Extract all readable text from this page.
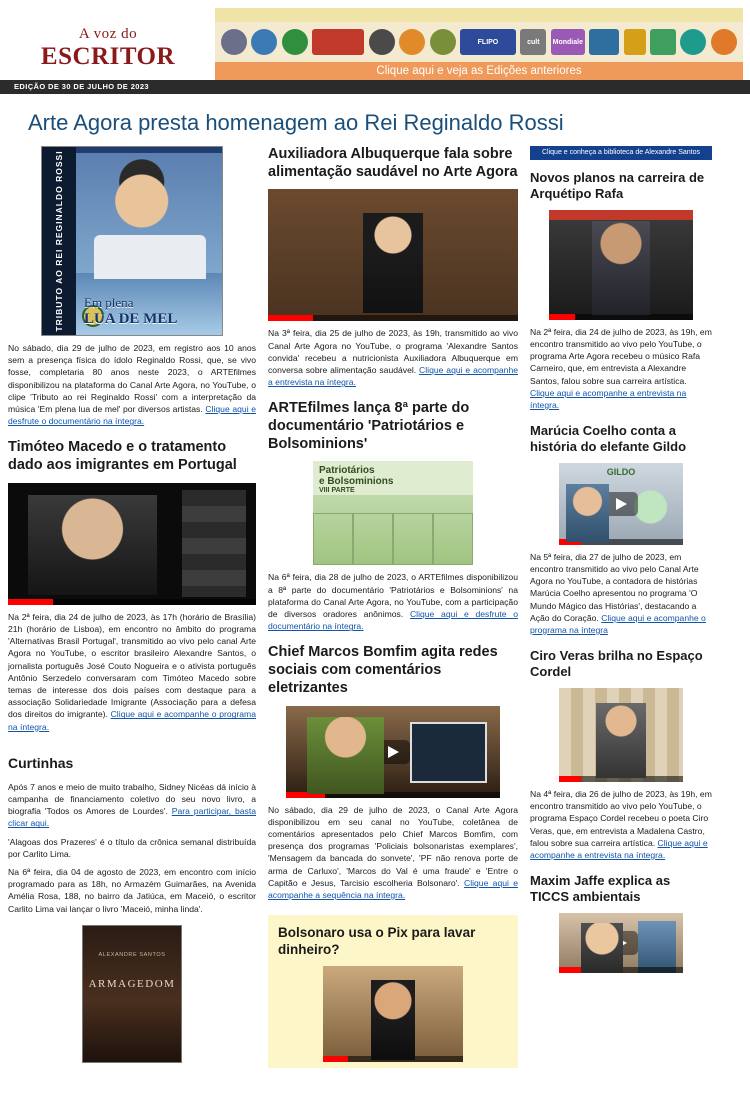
A voz do
ESCRITOR
FLIPO	cult	Mondiale
Clique aqui e veja as Edições anteriores
EDIÇÃO DE 30 DE JULHO DE 2023
Arte Agora presta homenagem ao Rei Reginaldo Rossi
TRIBUTO AO REI REGINALDO ROSSI Em plena
LUA DE MEL

No sábado, dia 29 de julho de 2023, em registro aos 10 anos sem a presença física do ídolo Reginaldo Rossi, que, se vivo fosse, completaria 80 anos neste 2023, o ARTEfilmes disponibilizou na plataforma do Canal Arte Agora, no YouTube, o clipe 'Tributo ao rei Reginaldo Rossi' com a interpretação da música 'Em plena lua de mel' por diversos artistas. Clique aqui e desfrute o documentário na íntegra.

Timóteo Macedo e o tratamento dado aos imigrantes em Portugal

Na 2ª feira, dia 24 de julho de 2023, às 17h (horário de Brasília) 21h (horário de Lisboa), em encontro no âmbito do programa 'Alternativas Brasil Portugal', transmitido ao vivo pelo canal Arte Agora no YouTube, o escritor brasileiro Alexandre Santos, o jornalista português José Couto Nogueira e o ativista português Antônio Serzedelo conversaram com Timóteo Macedo sobre temas de interesse dos dois países com destaque para a associação Solidariedade Imigrante (Associação para a defesa dos direitos do imigrante). Clique aqui e acompanhe o programa na íntegra.

Curtinhas

Após 7 anos e meio de muito trabalho, Sidney Nicéas dá início à campanha de financiamento coletivo do seu novo livro, a biografia 'Todos os Amores de Lourdes'. Para participar, basta clicar aqui.

'Alagoas dos Prazeres' é o título da crônica semanal distribuída por Carlito Lima.

Na 6ª feira, dia 04 de agosto de 2023, em encontro com início programado para as 18h, no Armazém Guimarães, na Avenida Amélia Rosa, 188, no bairro da Jatiúca, em Maceió, o escritor Carlito Lima vai lançar o livro 'Maceió, minha linda'.

ALEXANDRE SANTOS
ARMAGEDOM
Auxiliadora Albuquerque fala sobre alimentação saudável no Arte Agora

Na 3ª feira, dia 25 de julho de 2023, às 19h, transmitido ao vivo Canal Arte Agora no YouTube, o programa 'Alexandre Santos convida' recebeu a nutricionista Auxiliadora Albuquerque em conversa sobre alimentação saudável. Clique aqui e acompanhe a entrevista na íntegra.

ARTEfilmes lança 8ª parte do documentário 'Patriotários e Bolsominions'
Patriotários
e Bolsominions
VIII PARTE

Na 6ª feira, dia 28 de julho de 2023, o ARTEfilmes disponibilizou a 8ª parte do documentário 'Patriotários e Bolsominions' na plataforma do Canal Arte Agora, no YouTube, com a participação de diversos oradores anônimos. Clique aqui e desfrute o documentário na íntegra.

Chief Marcos Bomfim agita redes sociais com comentários eletrizantes

No sábado, dia 29 de julho de 2023, o Canal Arte Agora disponibilizou em seu canal no YouTube, coletânea de comentários apresentados pelo Chief Marcos Bomfim, com presença dos programas 'Policiais bolsonaristas exemplares', 'Mensagem da bancada do sonvete', 'PF não renova porte de arma de Carluxo', 'Marcos do Val é uma fraude' e 'Entre o Capitão e Jesus, Tarcisio escolheria Bolsonaro'. Clique aqui e acompanhe a sequência na íntegra.

Bolsonaro usa o Pix para lavar dinheiro?
Clique e conheça a biblioteca de Alexandre Santos
Novos planos na carreira de Arquétipo Rafa

Na 2ª feira, dia 24 de julho de 2023, às 19h, em encontro transmitido ao vivo pelo YouTube, o programa Arte Agora recebeu o músico Rafa Carneiro, que, em entrevista a Alexandre Santos, falou sobre sua carreira artística. Clique aqui e acompanhe a entrevista na íntegra.

Marúcia Coelho conta a história do elefante Gildo
GILDO

Na 5ª feira, dia 27 de julho de 2023, em encontro transmitido ao vivo pelo Canal Arte Agora no YouTube, a contadora de histórias Marúcia Coelho apresentou no programa 'O Mundo Mágico das Histórias', destacando a Ação do Coração. Clique aqui e acompanhe o programa na íntegra

Ciro Veras brilha no Espaço Cordel

Na 4ª feira, dia 26 de julho de 2023, às 19h, em encontro transmitido ao vivo pelo YouTube, o programa Espaço Cordel recebeu o poeta Ciro Veras, que, em entrevista a Madalena Castro, falou sobre sua carreira artística. Clique aqui e acompanhe a entrevista na íntegra.

Maxim Jaffe explica as TICCS ambientais
